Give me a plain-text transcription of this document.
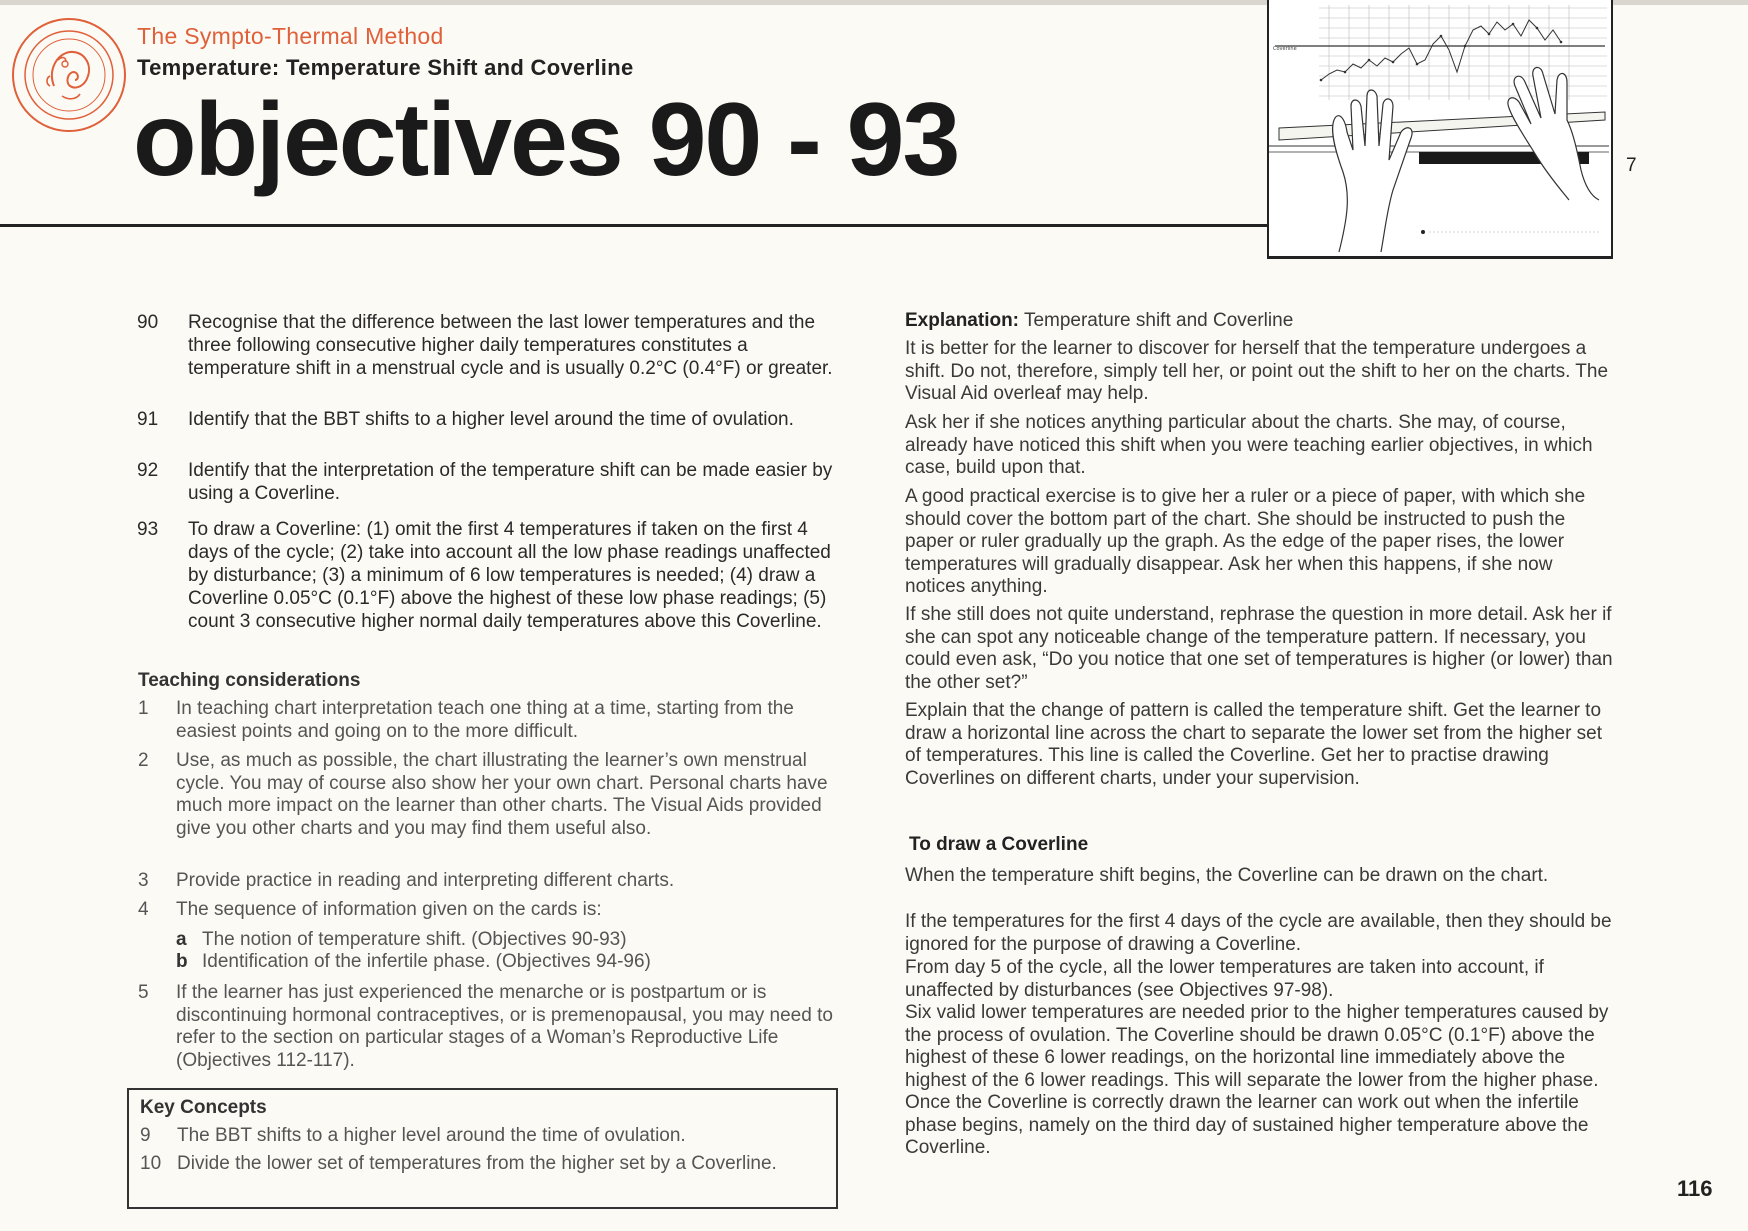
The Sympto-Thermal Method
Temperature: Temperature Shift and Coverline
objectives 90 - 93	7
Coverline
90	Recognise that the difference between the last lower temperatures and the three following consecutive higher daily temperatures constitutes a temperature shift in a menstrual cycle and is usually 0.2°C (0.4°F) or greater.
91	Identify that the BBT shifts to a higher level around the time of ovulation.
92	Identify that the interpretation of the temperature shift can be made easier by using a Coverline.
93	To draw a Coverline: (1) omit the first 4 temperatures if taken on the first 4 days of the cycle; (2) take into account all the low phase readings unaffected by disturbance; (3) a minimum of 6 low temperatures is needed; (4) draw a Coverline 0.05°C (0.1°F) above the highest of these low phase readings; (5) count 3 consecutive higher normal daily temperatures above this Coverline.
Teaching considerations
1 In teaching chart interpretation teach one thing at a time, starting from the easiest points and going on to the more difficult.
2 Use, as much as possible, the chart illustrating the learner’s own menstrual cycle. You may of course also show her your own chart. Personal charts have much more impact on the learner than other charts. The Visual Aids provided give you other charts and you may find them useful also.
3 Provide practice in reading and interpreting different charts.
4 The sequence of information given on the cards is:
a The notion of temperature shift. (Objectives 90-93)
b Identification of the infertile phase. (Objectives 94-96)
5 If the learner has just experienced the menarche or is postpartum or is discontinuing hormonal contraceptives, or is premenopausal, you may need to refer to the section on particular stages of a Woman’s Reproductive Life (Objectives 112-117).
Key Concepts
9 The BBT shifts to a higher level around the time of ovulation.
10 Divide the lower set of temperatures from the higher set by a Coverline.
Explanation: Temperature shift and Coverline
It is better for the learner to discover for herself that the temperature undergoes a shift. Do not, therefore, simply tell her, or point out the shift to her on the charts. The Visual Aid overleaf may help.
Ask her if she notices anything particular about the charts. She may, of course, already have noticed this shift when you were teaching earlier objectives, in which case, build upon that.
A good practical exercise is to give her a ruler or a piece of paper, with which she should cover the bottom part of the chart. She should be instructed to push the paper or ruler gradually up the graph. As the edge of the paper rises, the lower temperatures will gradually disappear. Ask her when this happens, if she now notices anything.
If she still does not quite understand, rephrase the question in more detail. Ask her if she can spot any noticeable change of the temperature pattern. If necessary, you could even ask, “Do you notice that one set of temperatures is higher (or lower) than the other set?”
Explain that the change of pattern is called the temperature shift. Get the learner to draw a horizontal line across the chart to separate the lower set from the higher set of temperatures. This line is called the Coverline. Get her to practise drawing Coverlines on different charts, under your supervision.
To draw a Coverline
When the temperature shift begins, the Coverline can be drawn on the chart.
If the temperatures for the first 4 days of the cycle are available, then they should be ignored for the purpose of drawing a Coverline.
From day 5 of the cycle, all the lower temperatures are taken into account, if unaffected by disturbances (see Objectives 97-98).
Six valid lower temperatures are needed prior to the higher temperatures caused by the process of ovulation. The Coverline should be drawn 0.05°C (0.1°F) above the highest of these 6 lower readings, on the horizontal line immediately above the highest of the 6 lower readings. This will separate the lower from the higher phase. Once the Coverline is correctly drawn the learner can work out when the infertile phase begins, namely on the third day of sustained higher temperature above the Coverline.
116
